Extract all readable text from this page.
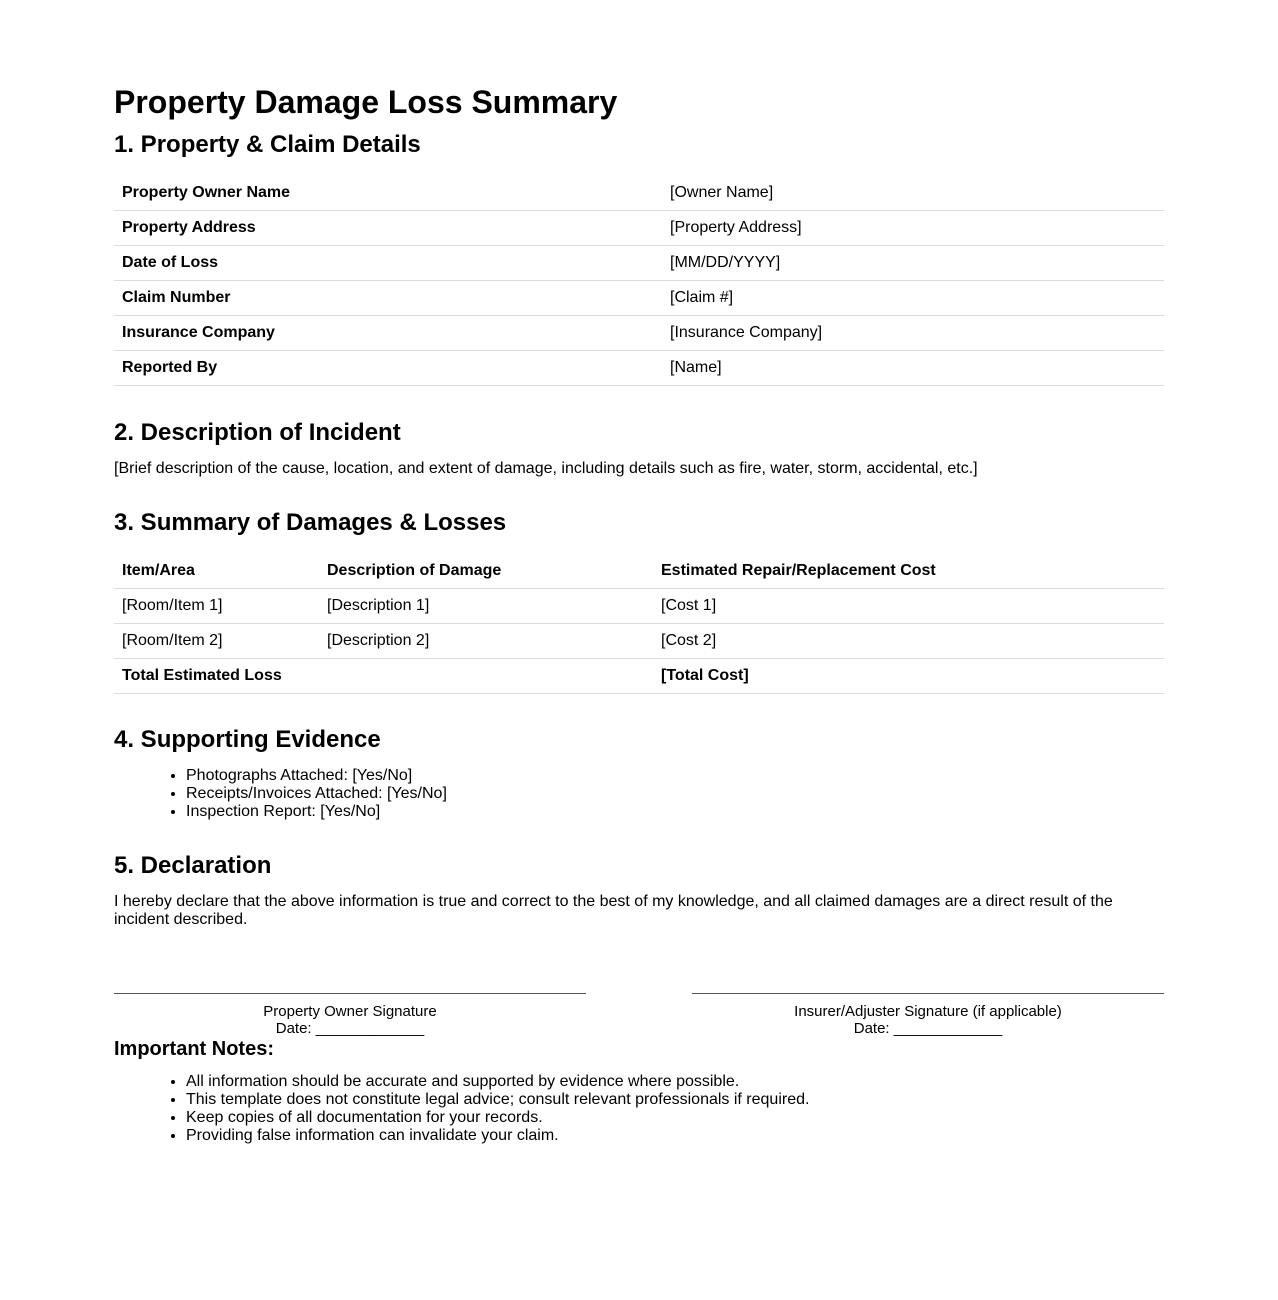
Property Damage Loss Summary
1. Property & Claim Details
Property Owner Name	[Owner Name]
Property Address	[Property Address]
Date of Loss	[MM/DD/YYYY]
Claim Number	[Claim #]
Insurance Company	[Insurance Company]
Reported By	[Name]
2. Description of Incident

[Brief description of the cause, location, and extent of damage, including details such as fire, water, storm, accidental, etc.]

3. Summary of Damages & Losses
Item/Area	Description of Damage	Estimated Repair/Replacement Cost
[Room/Item 1]	[Description 1]	[Cost 1]
[Room/Item 2]	[Description 2]	[Cost 2]
Total Estimated Loss		[Total Cost]
4. Supporting Evidence
• Photographs Attached: [Yes/No]
• Receipts/Invoices Attached: [Yes/No]
• Inspection Report: [Yes/No]
5. Declaration

I hereby declare that the above information is true and correct to the best of my knowledge, and all claimed damages are a direct result of the incident described.

Property Owner Signature
Date: _____________
Insurer/Adjuster Signature (if applicable)
Date: _____________
Important Notes:
• All information should be accurate and supported by evidence where possible.
• This template does not constitute legal advice; consult relevant professionals if required.
• Keep copies of all documentation for your records.
• Providing false information can invalidate your claim.
